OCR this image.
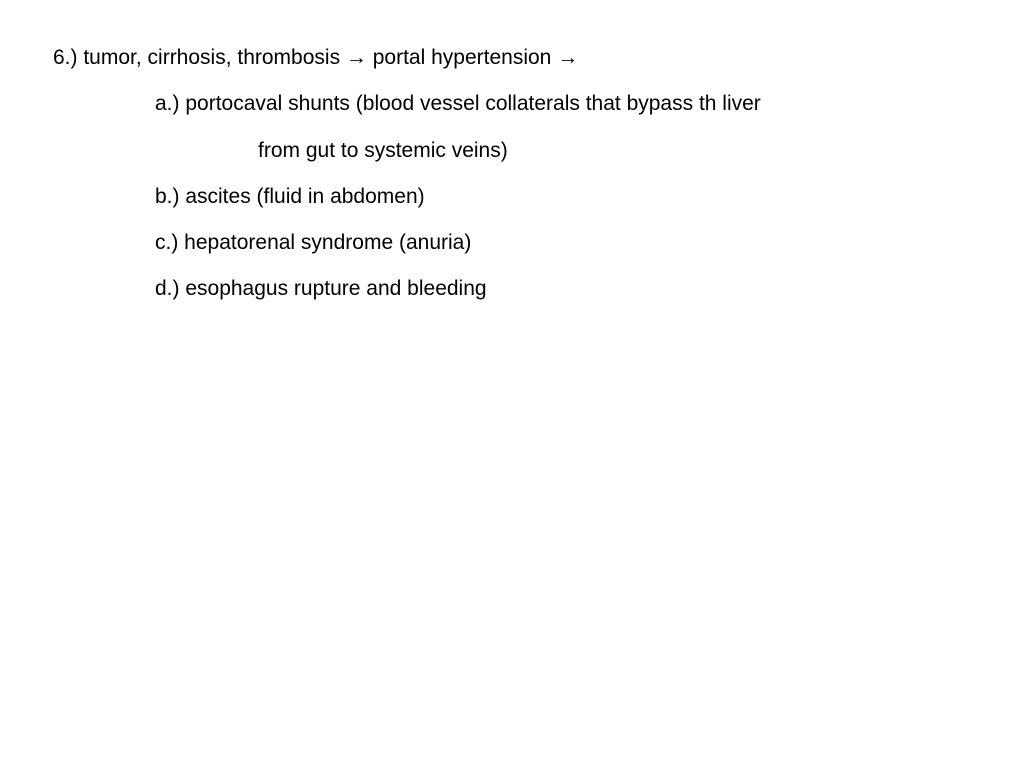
6.) tumor, cirrhosis, thrombosis → portal hypertension →
a.) portocaval shunts (blood vessel collaterals that bypass th liver
from gut to systemic veins)
b.) ascites (fluid in abdomen)
c.) hepatorenal syndrome (anuria)
d.) esophagus rupture and bleeding
